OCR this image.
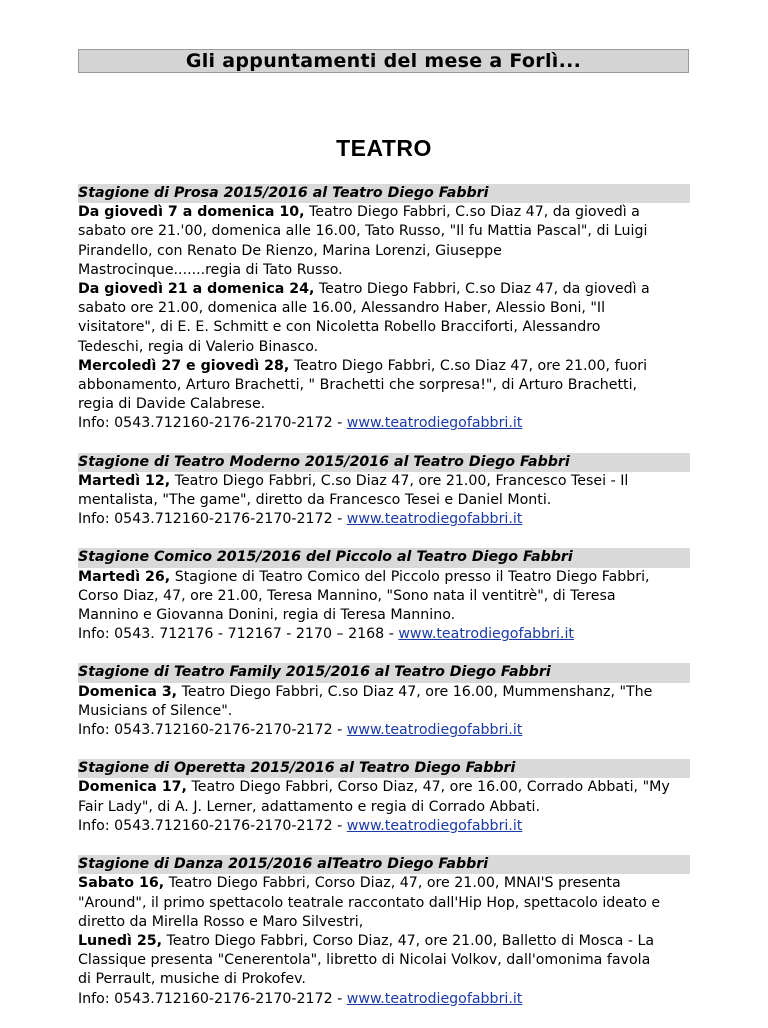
Gli appuntamenti del mese a Forlì...
TEATRO
Stagione di Prosa 2015/2016 al Teatro Diego Fabbri
Da giovedì 7 a domenica 10, Teatro Diego Fabbri, C.so Diaz 47, da giovedì a
sabato ore 21.'00, domenica alle 16.00, Tato Russo, "Il fu Mattia Pascal", di Luigi
Pirandello, con Renato De Rienzo, Marina Lorenzi, Giuseppe
Mastrocinque.......regia di Tato Russo.
Da giovedì 21 a domenica 24, Teatro Diego Fabbri, C.so Diaz 47, da giovedì a
sabato ore 21.00, domenica alle 16.00, Alessandro Haber, Alessio Boni, "Il
visitatore", di E. E. Schmitt e con Nicoletta Robello Bracciforti, Alessandro
Tedeschi, regia di Valerio Binasco.
Mercoledì 27 e giovedì 28, Teatro Diego Fabbri, C.so Diaz 47, ore 21.00, fuori
abbonamento, Arturo Brachetti, " Brachetti che sorpresa!", di Arturo Brachetti,
regia di Davide Calabrese.
Info: 0543.712160-2176-2170-2172 - www.teatrodiegofabbri.it
Stagione di Teatro Moderno 2015/2016 al Teatro Diego Fabbri
Martedì 12, Teatro Diego Fabbri, C.so Diaz 47, ore 21.00, Francesco Tesei - Il
mentalista, "The game", diretto da Francesco Tesei e Daniel Monti.
Info: 0543.712160-2176-2170-2172 - www.teatrodiegofabbri.it
Stagione Comico 2015/2016 del Piccolo al Teatro Diego Fabbri
Martedì 26, Stagione di Teatro Comico del Piccolo presso il Teatro Diego Fabbri,
Corso Diaz, 47, ore 21.00, Teresa Mannino, "Sono nata il ventitrè", di Teresa
Mannino e Giovanna Donini, regia di Teresa Mannino.
Info: 0543. 712176 - 712167 - 2170 – 2168 - www.teatrodiegofabbri.it
Stagione di Teatro Family 2015/2016 al Teatro Diego Fabbri
Domenica 3, Teatro Diego Fabbri, C.so Diaz 47, ore 16.00, Mummenshanz, "The
Musicians of Silence".
Info: 0543.712160-2176-2170-2172 - www.teatrodiegofabbri.it
Stagione di Operetta 2015/2016 al Teatro Diego Fabbri
Domenica 17, Teatro Diego Fabbri, Corso Diaz, 47, ore 16.00, Corrado Abbati, "My
Fair Lady", di A. J. Lerner, adattamento e regia di Corrado Abbati.
Info: 0543.712160-2176-2170-2172 - www.teatrodiegofabbri.it
Stagione di Danza 2015/2016 alTeatro Diego Fabbri
Sabato 16, Teatro Diego Fabbri, Corso Diaz, 47, ore 21.00, MNAI'S presenta
"Around", il primo spettacolo teatrale raccontato dall'Hip Hop, spettacolo ideato e
diretto da Mirella Rosso e Maro Silvestri,
Lunedì 25, Teatro Diego Fabbri, Corso Diaz, 47, ore 21.00, Balletto di Mosca - La
Classique presenta "Cenerentola", libretto di Nicolai Volkov, dall'omonima favola
di Perrault, musiche di Prokofev.
Info: 0543.712160-2176-2170-2172 - www.teatrodiegofabbri.it
